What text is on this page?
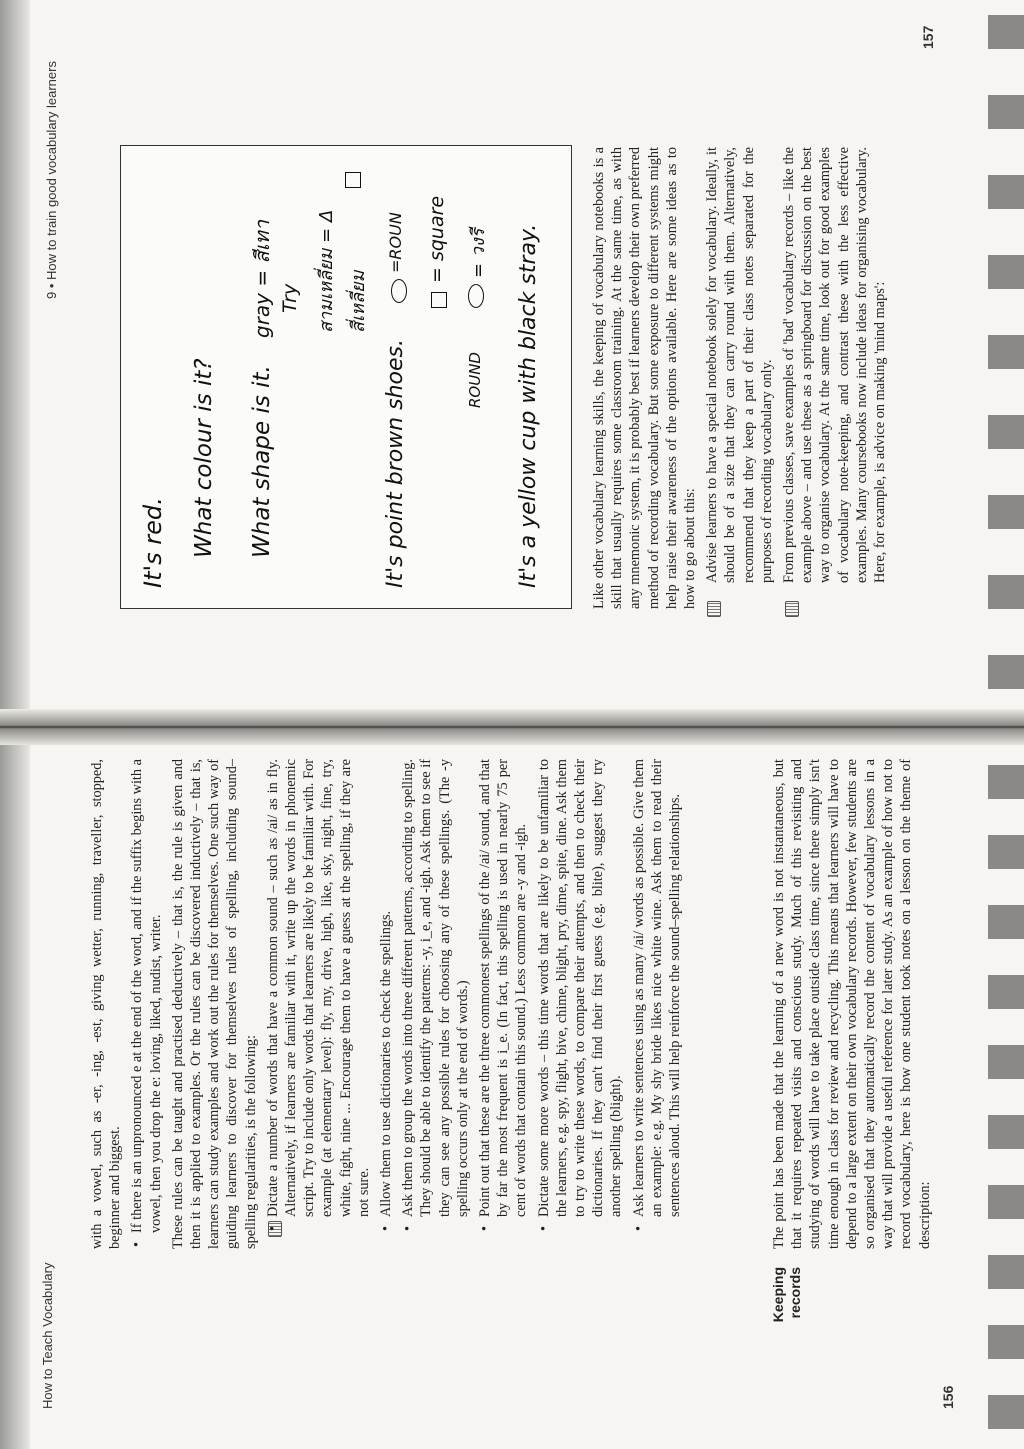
How to Teach Vocabulary	156

with a vowel, such as -er, -ing, -est, giving wetter, running, traveller, stopped, beginner and biggest. • If there is an unpronounced e at the end of the word, and if the suffix begins with a vowel, then you drop the e: loving, liked, nudist, writer. These rules can be taught and practised deductively – that is, the rule is given and then it is applied to examples. Or the rules can be discovered inductively – that is, learners can study examples and work out the rules for themselves. One such way of guiding learners to discover for themselves rules of spelling, including sound–spelling regularities, is the following: • Dictate a number of words that have a common sound – such as /ai/ as in fly. Alternatively, if learners are familiar with it, write up the words in phonemic script. Try to include only words that learners are likely to be familiar with. For example (at elementary level): fly, my, drive, high, like, sky, night, fine, try, white, fight, nine ... Encourage them to have a guess at the spelling, if they are not sure. • Allow them to use dictionaries to check the spellings. • Ask them to group the words into three different patterns, according to spelling. They should be able to identify the patterns: -y, i_e, and -igh. Ask them to see if they can see any possible rules for choosing any of these spellings. (The -y spelling occurs only at the end of words.) • Point out that these are the three commonest spellings of the /ai/ sound, and that by far the most frequent is i_e. (In fact, this spelling is used in nearly 75 per cent of words that contain this sound.) Less common are -y and -igh. • Dictate some more words – this time words that are likely to be unfamiliar to the learners, e.g. spy, flight, bive, chime, blight, pry, dime, spite, dine. Ask them to try to write these words, to compare their attempts, and then to check their dictionaries. If they can't find their first guess (e.g. blite), suggest they try another spelling (blight). • Ask learners to write sentences using as many /ai/ words as possible. Give them an example: e.g. My shy bride likes nice white wine. Ask them to read their sentences aloud. This will help reinforce the sound–spelling relationships.

Keeping records
The point has been made that the learning of a new word is not instantaneous, but that it requires repeated visits and conscious study. Much of this revisiting and studying of words will have to take place outside class time, since there simply isn't time enough in class for review and recycling. This means that learners will have to depend to a large extent on their own vocabulary records. However, few students are so organised that they automatically record the content of vocabulary lessons in a way that will provide a useful reference for later study. As an example of how not to record vocabulary, here is how one student took notes on a lesson on the theme of description:
9 • How to train good vocabulary learners
157
It's red. What colour is it? What shape is it.
gray = สีเทา Try สามเหลี่ยม = Δ สี่เหลี่ยม
It's point brown shoes.
=ROUN = square
ROUND
= วงรี It's a yellow cup with black stray.	Like other vocabulary learning skills, the keeping of vocabulary notebooks is a skill that usually requires some classroom training. At the same time, as with any mnemonic system, it is probably best if learners develop their own preferred method of recording vocabulary. But some exposure to different systems might help raise their awareness of the options available. Here are some ideas as to how to go about this: Advise learners to have a special notebook solely for vocabulary. Ideally, it should be of a size that they can carry round with them. Alternatively, recommend that they keep a part of their class notes separated for the purposes of recording vocabulary only. From previous classes, save examples of 'bad' vocabulary records – like the example above – and use these as a springboard for discussion on the best way to organise vocabulary. At the same time, look out for good examples of vocabulary note-keeping, and contrast these with the less effective examples. Many coursebooks now include ideas for organising vocabulary. Here, for example, is advice on making 'mind maps':
